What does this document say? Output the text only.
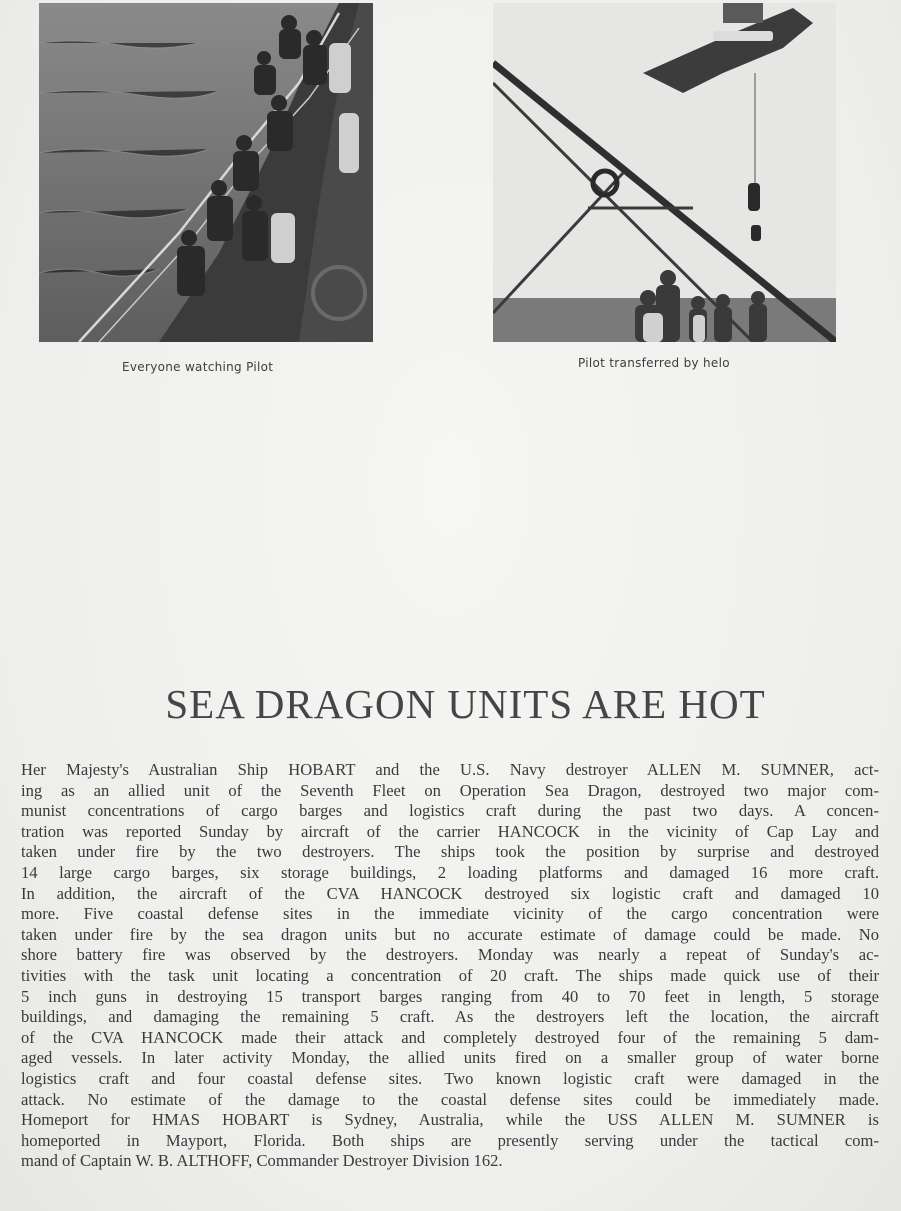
Everyone watching Pilot	Pilot transferred by helo
SEA DRAGON UNITS ARE HOT
Her Majesty's Australian Ship HOBART and the U.S. Navy destroyer ALLEN M. SUMNER, act-
ing as an allied unit of the Seventh Fleet on Operation Sea Dragon, destroyed two major com-
munist concentrations of cargo barges and logistics craft during the past two days. A concen-
tration was reported Sunday by aircraft of the carrier HANCOCK in the vicinity of Cap Lay and
taken under fire by the two destroyers. The ships took the position by surprise and destroyed
14 large cargo barges, six storage buildings, 2 loading platforms and damaged 16 more craft.
In addition, the aircraft of the CVA HANCOCK destroyed six logistic craft and damaged 10
more. Five coastal defense sites in the immediate vicinity of the cargo concentration were
taken under fire by the sea dragon units but no accurate estimate of damage could be made. No
shore battery fire was observed by the destroyers. Monday was nearly a repeat of Sunday's ac-
tivities with the task unit locating a concentration of 20 craft. The ships made quick use of their
5 inch guns in destroying 15 transport barges ranging from 40 to 70 feet in length, 5 storage
buildings, and damaging the remaining 5 craft. As the destroyers left the location, the aircraft
of the CVA HANCOCK made their attack and completely destroyed four of the remaining 5 dam-
aged vessels. In later activity Monday, the allied units fired on a smaller group of water borne
logistics craft and four coastal defense sites. Two known logistic craft were damaged in the
attack. No estimate of the damage to the coastal defense sites could be immediately made.
Homeport for HMAS HOBART is Sydney, Australia, while the USS ALLEN M. SUMNER is
homeported in Mayport, Florida. Both ships are presently serving under the tactical com-
mand of Captain W. B. ALTHOFF, Commander Destroyer Division 162.
